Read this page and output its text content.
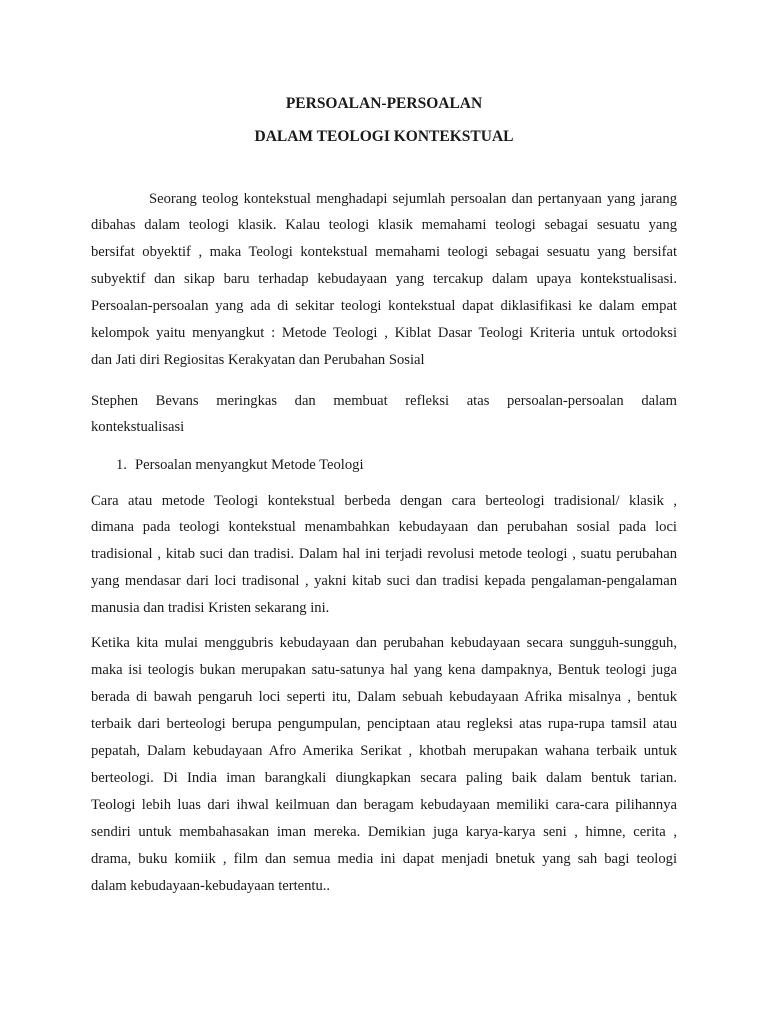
PERSOALAN-PERSOALAN
DALAM TEOLOGI KONTEKSTUAL
Seorang teolog kontekstual menghadapi sejumlah persoalan dan pertanyaan yang jarang
dibahas dalam teologi klasik. Kalau teologi klasik memahami teologi sebagai sesuatu yang
bersifat obyektif , maka Teologi kontekstual memahami teologi sebagai sesuatu yang bersifat
subyektif dan sikap baru terhadap kebudayaan yang tercakup dalam upaya kontekstualisasi.
Persoalan-persoalan yang ada di sekitar teologi kontekstual dapat diklasifikasi ke dalam empat
kelompok yaitu menyangkut : Metode Teologi , Kiblat Dasar Teologi Kriteria untuk ortodoksi
dan Jati diri Regiositas Kerakyatan dan Perubahan Sosial
Stephen Bevans meringkas dan membuat refleksi atas persoalan-persoalan dalam
kontekstualisasi
1. Persoalan menyangkut Metode Teologi
Cara atau metode Teologi kontekstual berbeda dengan cara berteologi tradisional/ klasik ,
dimana pada teologi kontekstual menambahkan kebudayaan dan perubahan sosial pada loci
tradisional , kitab suci dan tradisi. Dalam hal ini terjadi revolusi metode teologi , suatu perubahan
yang mendasar dari loci tradisonal , yakni kitab suci dan tradisi kepada pengalaman-pengalaman
manusia dan tradisi Kristen sekarang ini.
Ketika kita mulai menggubris kebudayaan dan perubahan kebudayaan secara sungguh-sungguh,
maka isi teologis bukan merupakan satu-satunya hal yang kena dampaknya, Bentuk teologi juga
berada di bawah pengaruh loci seperti itu, Dalam sebuah kebudayaan Afrika misalnya , bentuk
terbaik dari berteologi berupa pengumpulan, penciptaan atau regleksi atas rupa-rupa tamsil atau
pepatah, Dalam kebudayaan Afro Amerika Serikat , khotbah merupakan wahana terbaik untuk
berteologi. Di India iman barangkali diungkapkan secara paling baik dalam bentuk tarian.
Teologi lebih luas dari ihwal keilmuan dan beragam kebudayaan memiliki cara-cara pilihannya
sendiri untuk membahasakan iman mereka. Demikian juga karya-karya seni , himne, cerita ,
drama, buku komiik , film dan semua media ini dapat menjadi bnetuk yang sah bagi teologi
dalam kebudayaan-kebudayaan tertentu..
